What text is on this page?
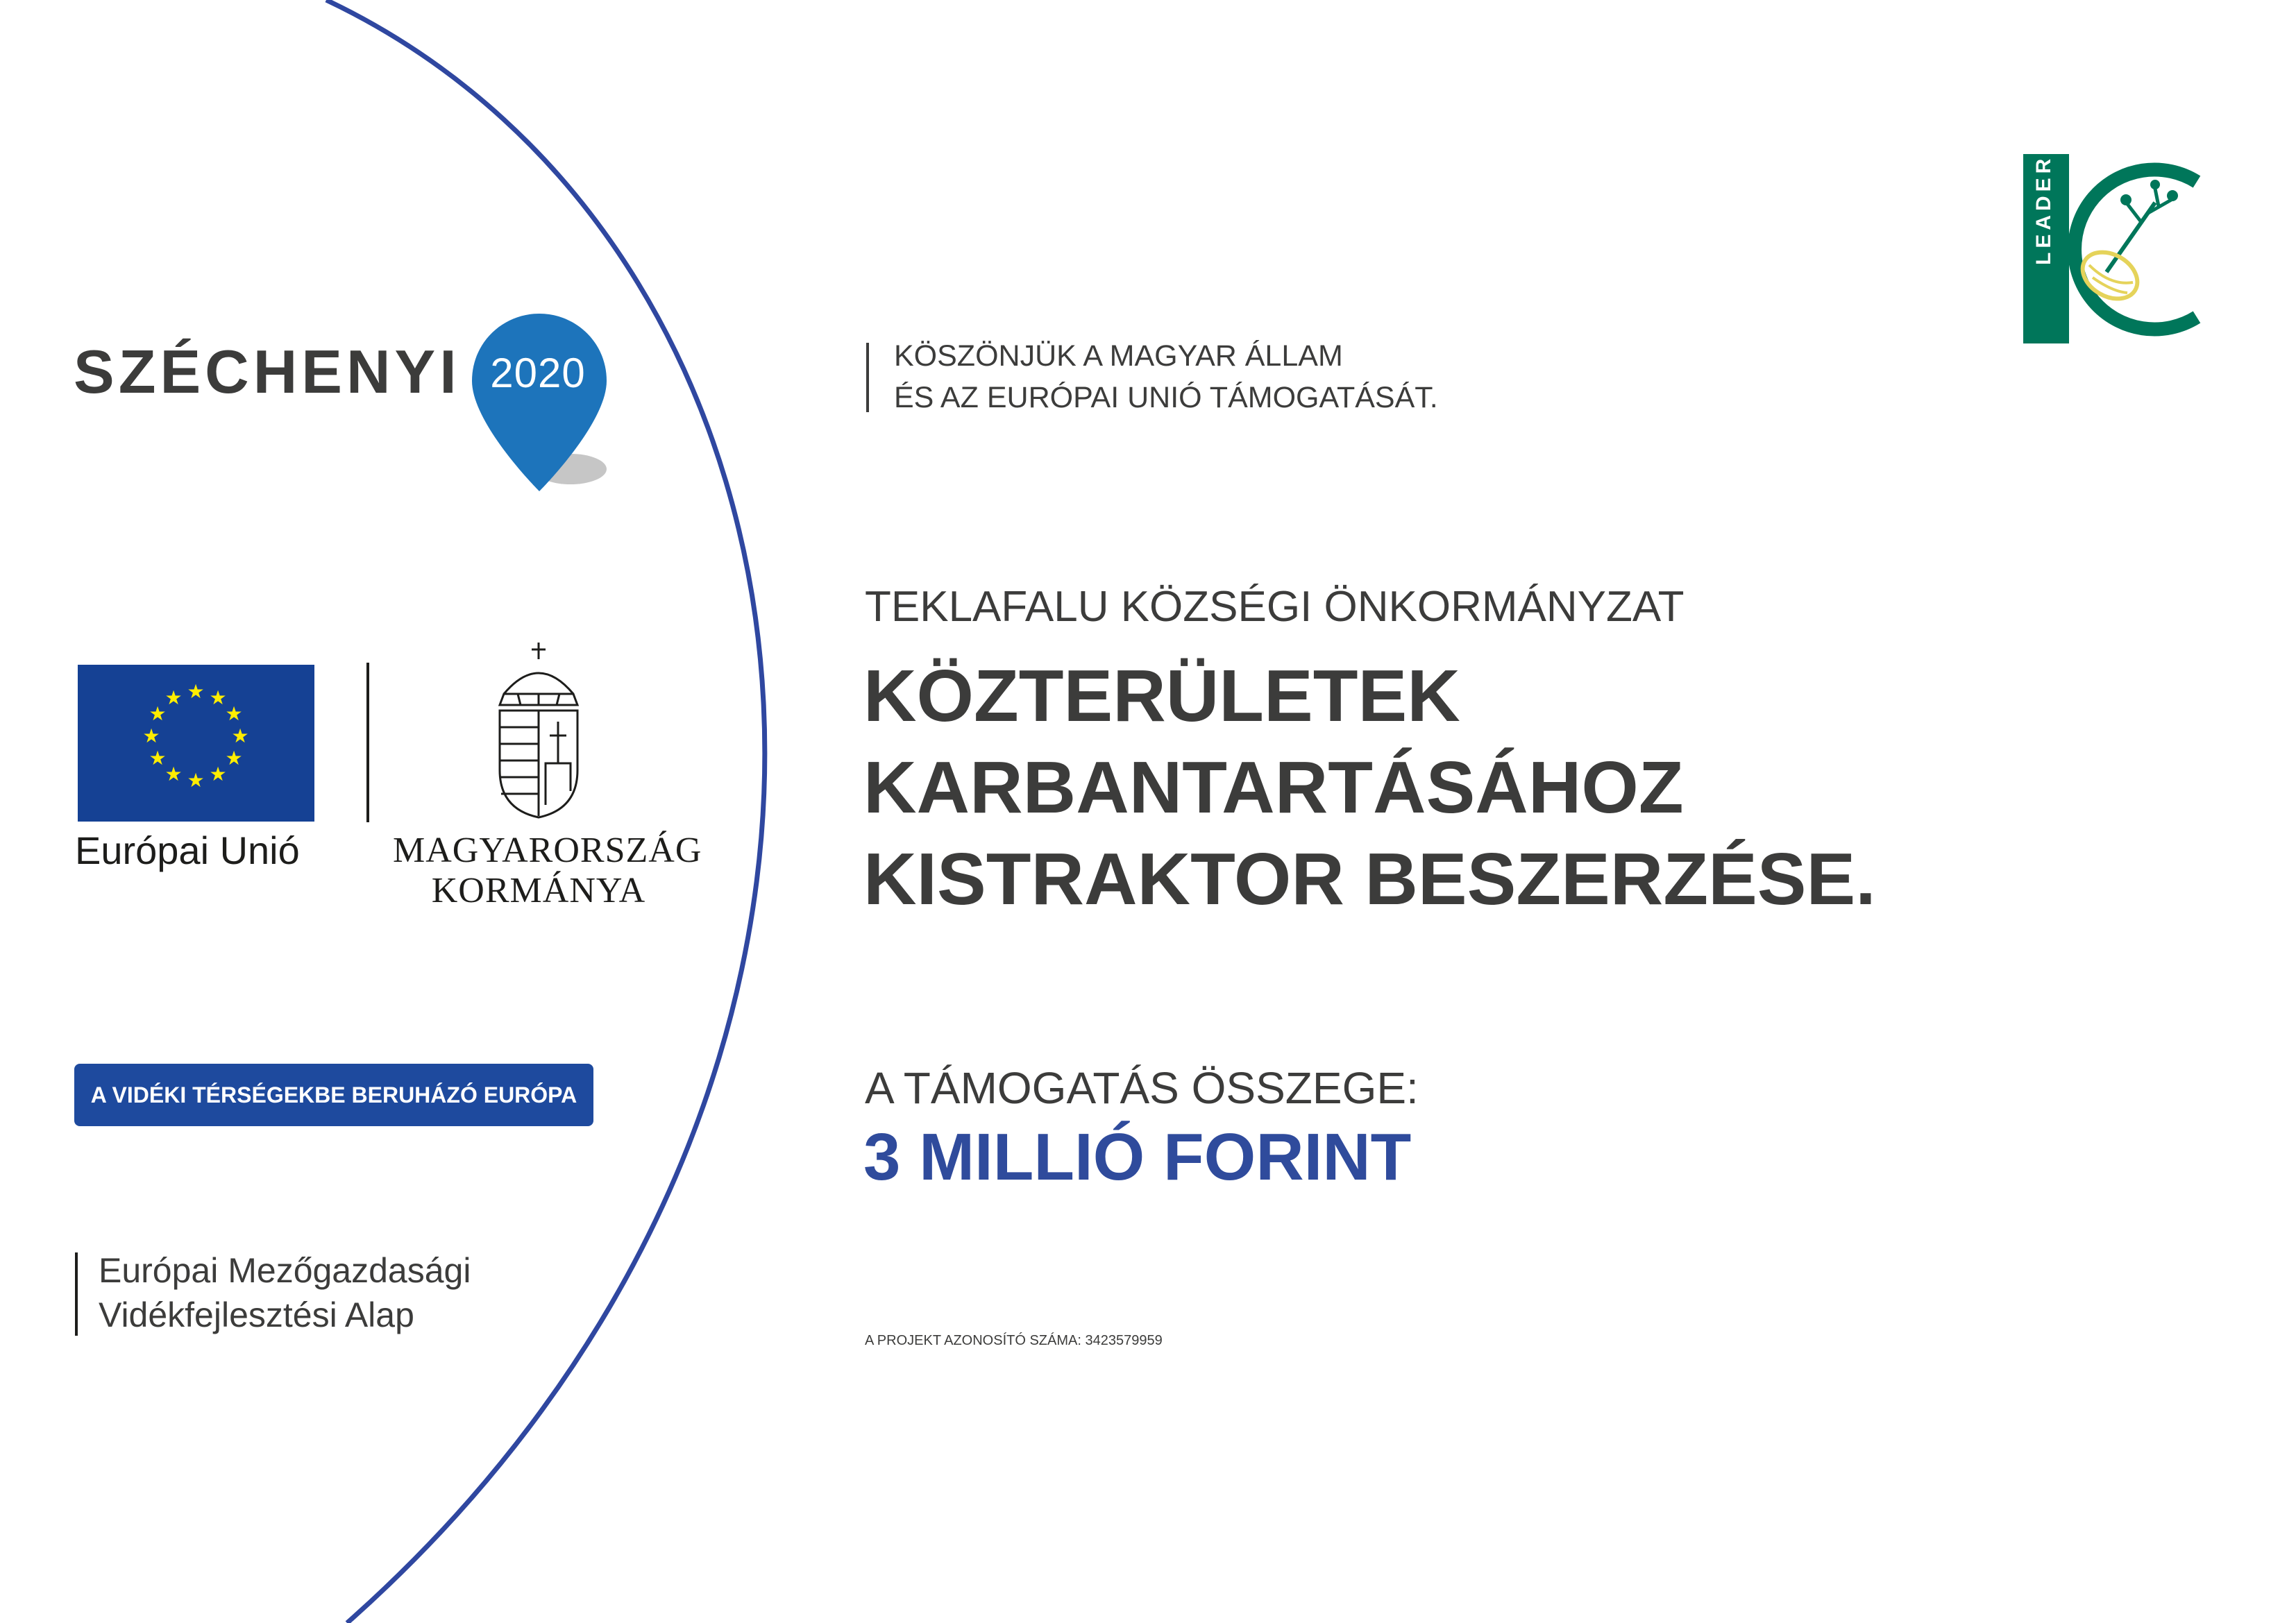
SZÉCHENYI 2020
★ ★
★
★
★
★
★
★
★
★
★
★
Európai Unió	MAGYARORSZÁG
KORMÁNYA
A VIDÉKI TÉRSÉGEKBE BERUHÁZÓ EURÓPA
Európai Mezőgazdasági
Vidékfejlesztési Alap
KÖSZÖNJÜK A MAGYAR ÁLLAM
ÉS AZ EURÓPAI UNIÓ TÁMOGATÁSÁT.
TEKLAFALU KÖZSÉGI ÖNKORMÁNYZAT
KÖZTERÜLETEK
KARBANTARTÁSÁHOZ
KISTRAKTOR BESZERZÉSE.
A TÁMOGATÁS ÖSSZEGE:
3 MILLIÓ FORINT
A PROJEKT AZONOSÍTÓ SZÁMA: 3423579959
